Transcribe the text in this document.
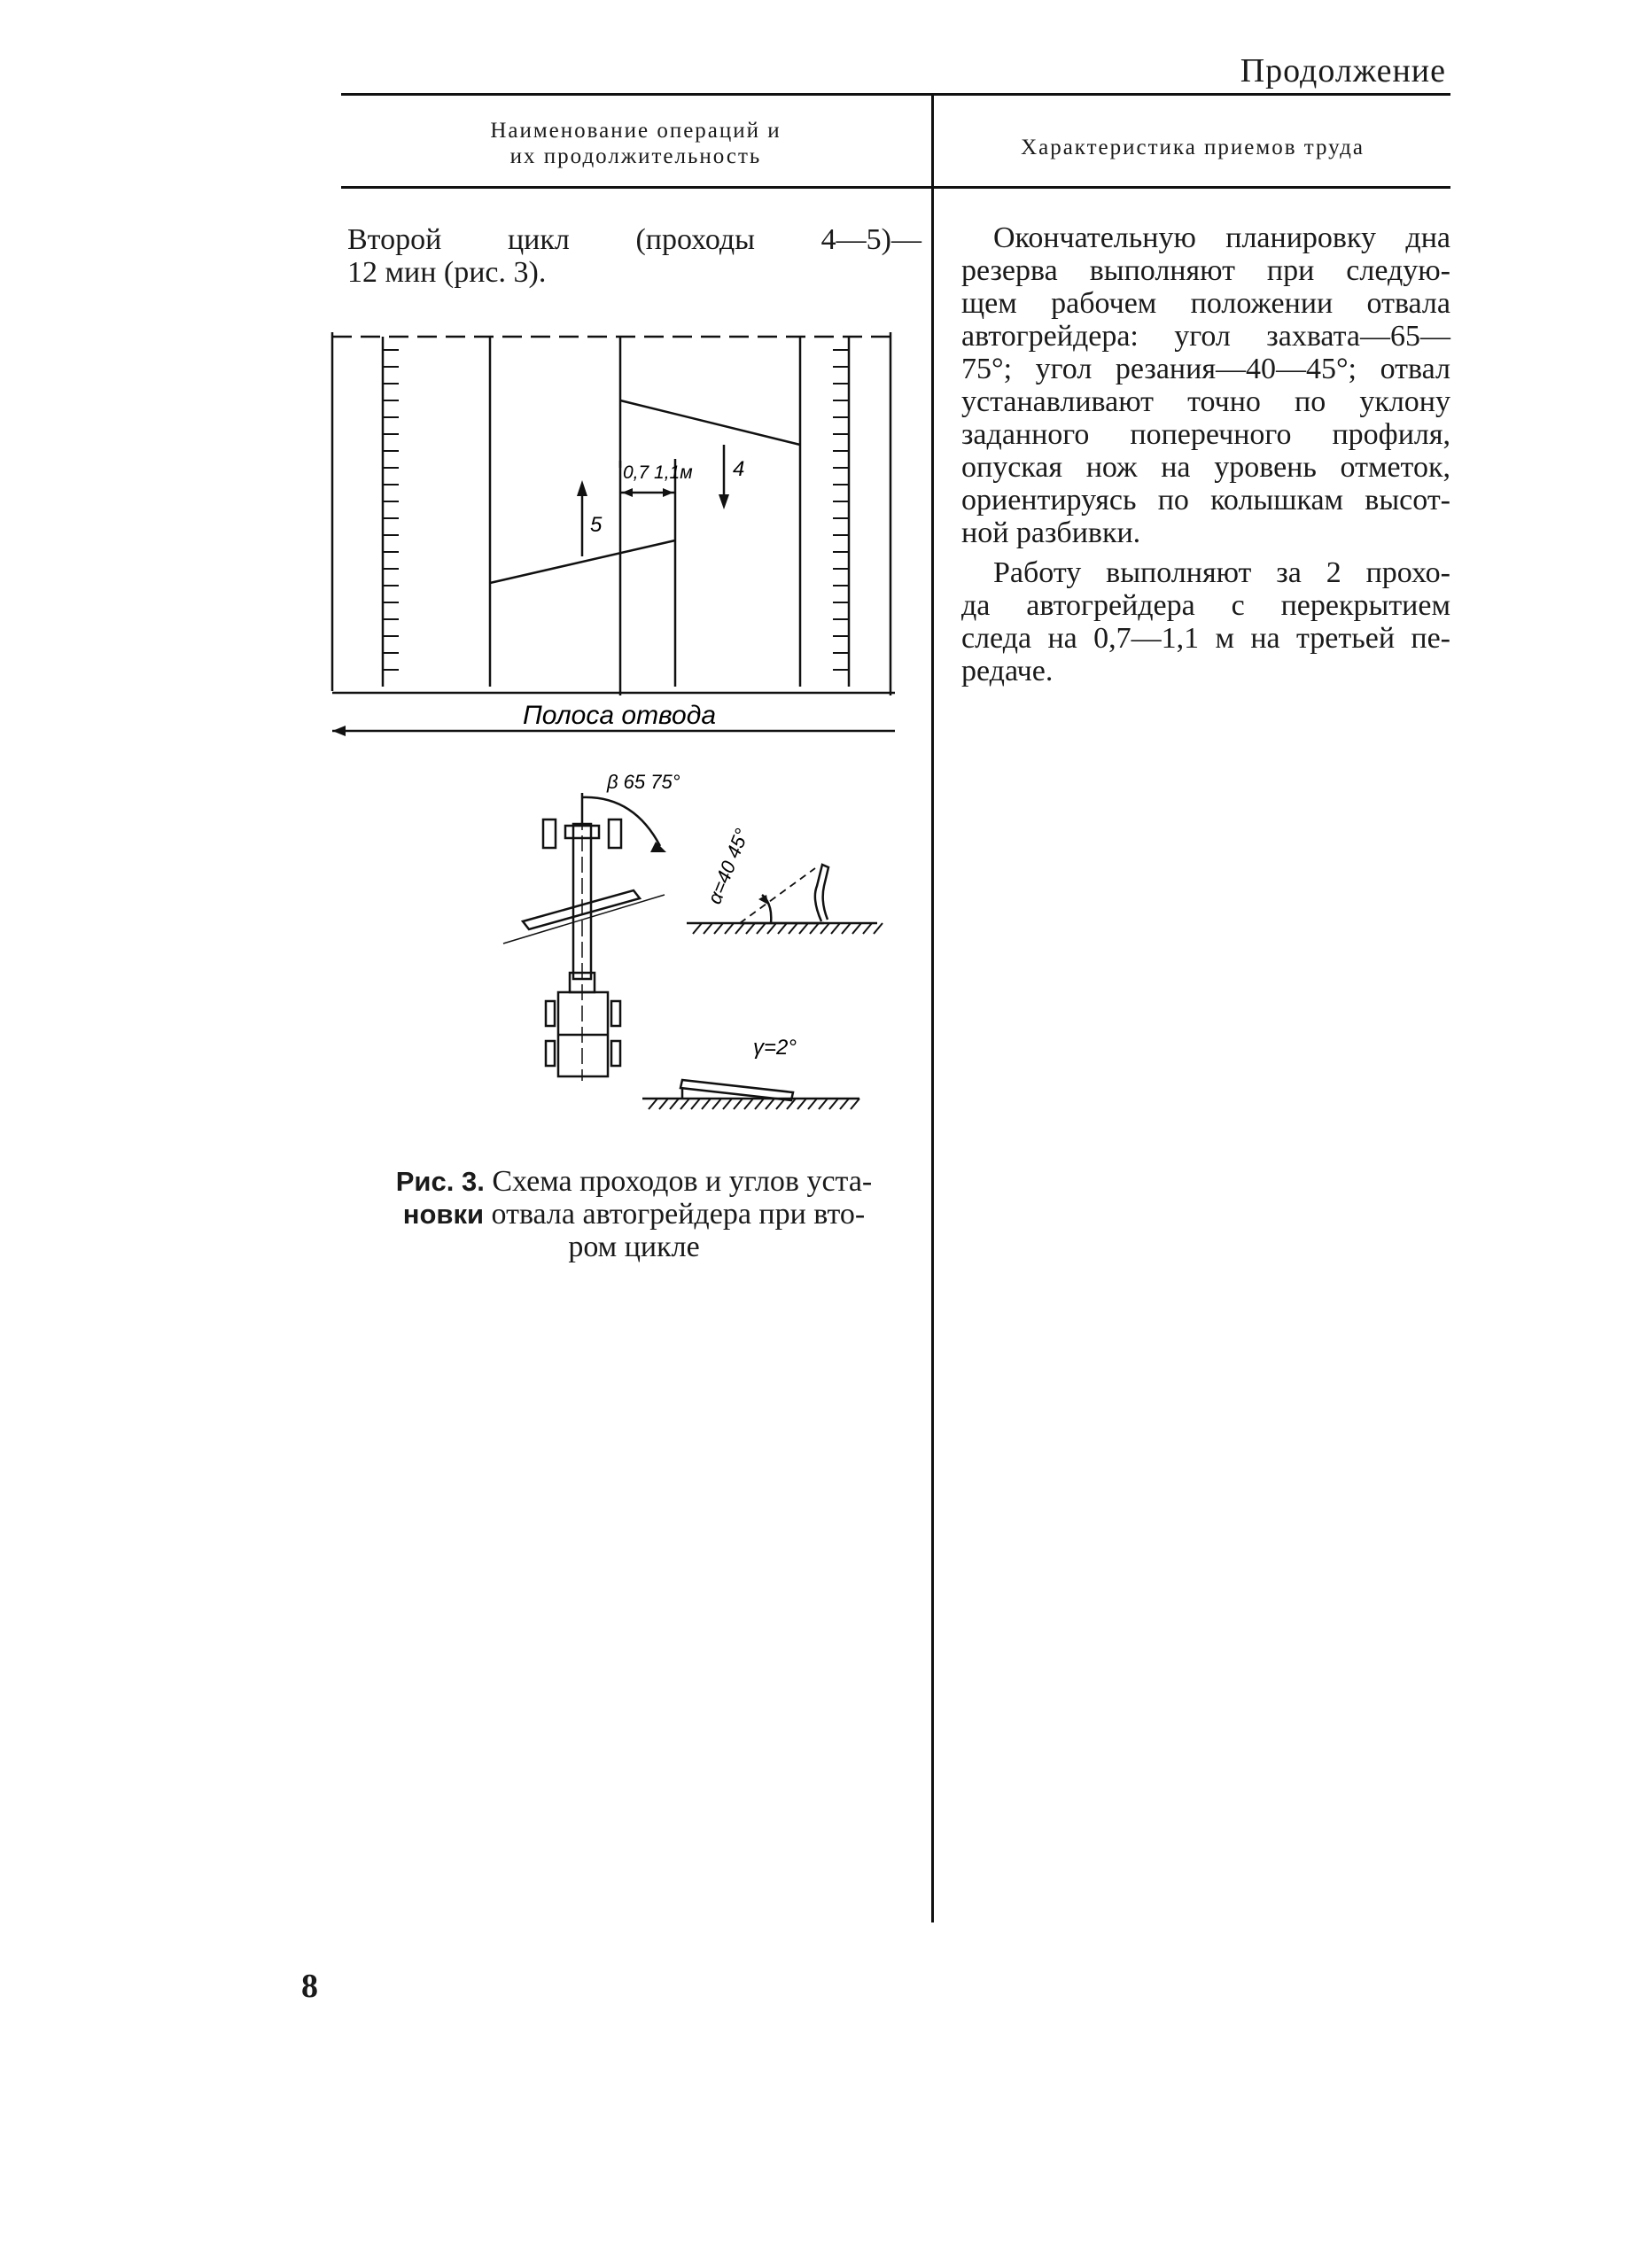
Продолжение
Наименование операций и
их продолжительность	Характеристика приемов труда
Второй цикл (проходы 4—5)—
12 мин (рис. 3).
0,7 1,1м 4
5
Полоса отвода
β 65 75°
α=40 45°
γ=2°
Рис. 3. Схема проходов и углов уста-
новки отвала автогрейдера при вто-
ром цикле
Окончательную планировку дна
резерва выполняют при следую-
щем рабочем положении отвала
автогрейдера: угол захвата—65—
75°; угол резания—40—45°; отвал
устанавливают точно по уклону
заданного поперечного профиля,
опуская нож на уровень отметок,
ориентируясь по колышкам высот-
ной разбивки.
Работу выполняют за 2 прохо-
да автогрейдера с перекрытием
следа на 0,7—1,1 м на третьей пе-
редаче.
8
